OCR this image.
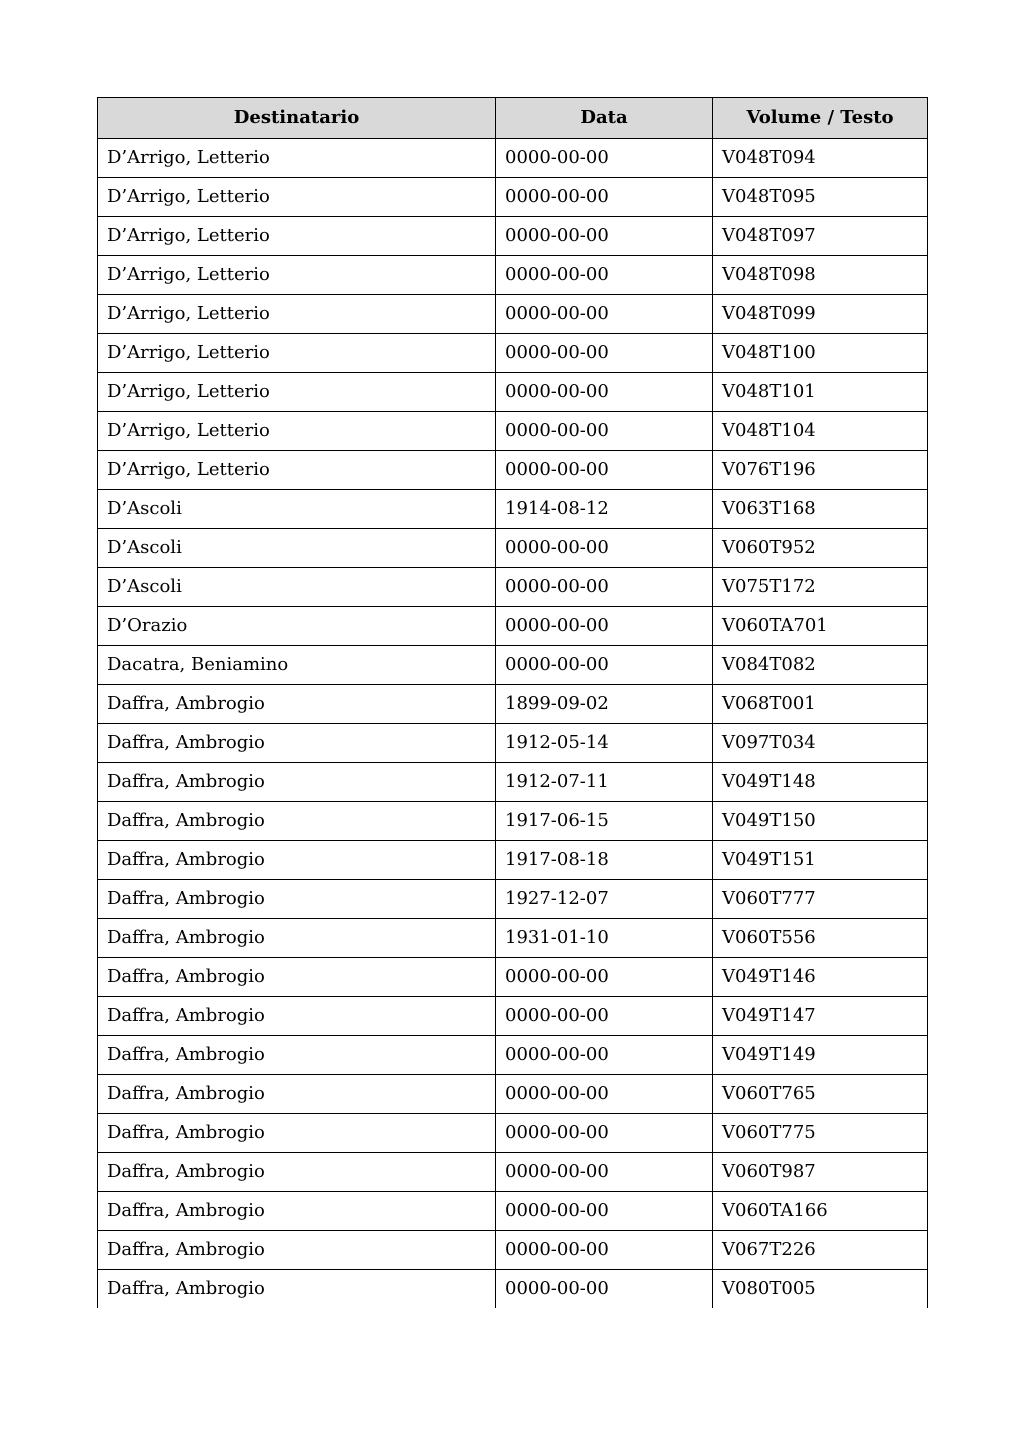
Destinatario	Data	Volume / Testo
D’Arrigo, Letterio	0000-00-00	V048T094
D’Arrigo, Letterio	0000-00-00	V048T095
D’Arrigo, Letterio	0000-00-00	V048T097
D’Arrigo, Letterio	0000-00-00	V048T098
D’Arrigo, Letterio	0000-00-00	V048T099
D’Arrigo, Letterio	0000-00-00	V048T100
D’Arrigo, Letterio	0000-00-00	V048T101
D’Arrigo, Letterio	0000-00-00	V048T104
D’Arrigo, Letterio	0000-00-00	V076T196
D’Ascoli	1914-08-12	V063T168
D’Ascoli	0000-00-00	V060T952
D’Ascoli	0000-00-00	V075T172
D’Orazio	0000-00-00	V060TA701
Dacatra, Beniamino	0000-00-00	V084T082
Daffra, Ambrogio	1899-09-02	V068T001
Daffra, Ambrogio	1912-05-14	V097T034
Daffra, Ambrogio	1912-07-11	V049T148
Daffra, Ambrogio	1917-06-15	V049T150
Daffra, Ambrogio	1917-08-18	V049T151
Daffra, Ambrogio	1927-12-07	V060T777
Daffra, Ambrogio	1931-01-10	V060T556
Daffra, Ambrogio	0000-00-00	V049T146
Daffra, Ambrogio	0000-00-00	V049T147
Daffra, Ambrogio	0000-00-00	V049T149
Daffra, Ambrogio	0000-00-00	V060T765
Daffra, Ambrogio	0000-00-00	V060T775
Daffra, Ambrogio	0000-00-00	V060T987
Daffra, Ambrogio	0000-00-00	V060TA166
Daffra, Ambrogio	0000-00-00	V067T226
Daffra, Ambrogio	0000-00-00	V080T005
